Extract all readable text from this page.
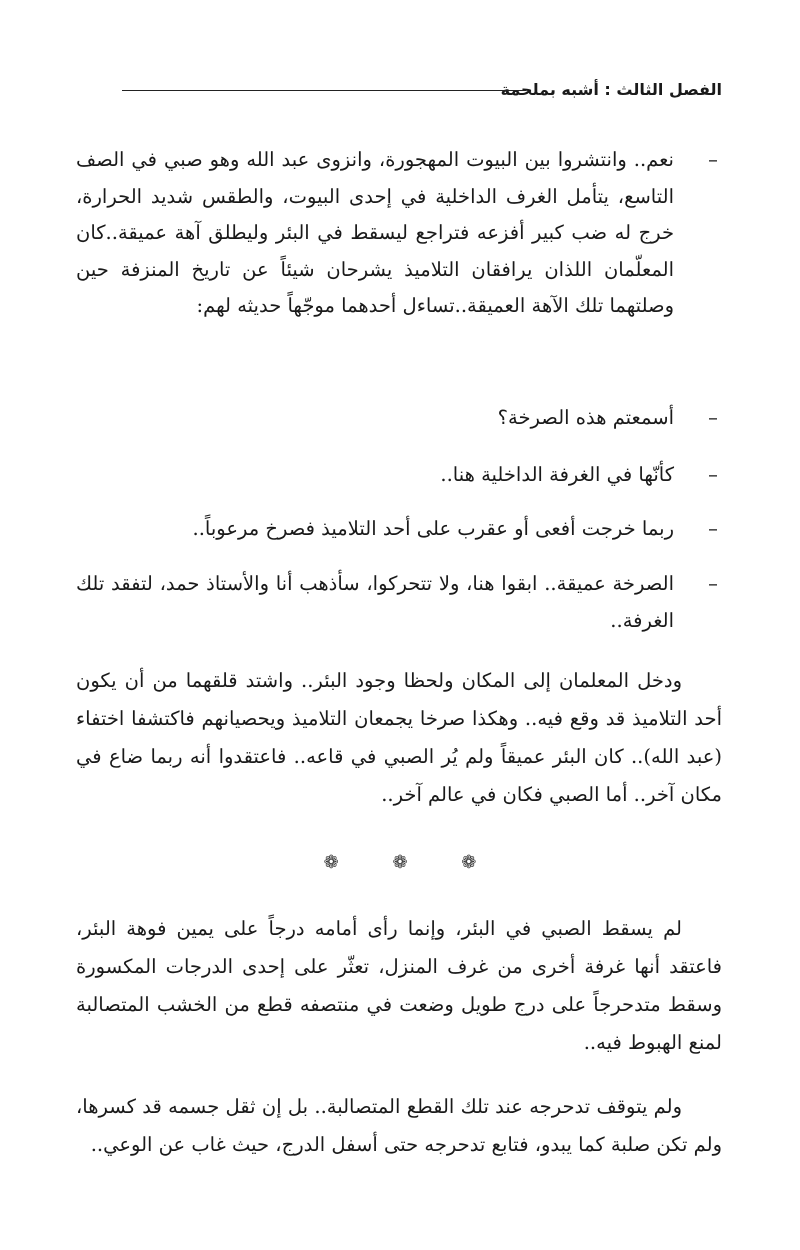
الفصل الثالث : أشبه بملحمة
–
نعم.. وانتشروا بين البيوت المهجورة، وانزوى عبد الله وهو صبي في الصف التاسع، يتأمل الغرف الداخلية في إحدى البيوت، والطقس شديد الحرارة، خرج له ضب كبير أفزعه فتراجع ليسقط في البئر وليطلق آهة عميقة..كان المعلّمان اللذان يرافقان التلاميذ يشرحان شيئاً عن تاريخ المنزفة حين وصلتهما تلك الآهة العميقة..تساءل أحدهما موجّهاً حديثه لهم:
–
أسمعتم هذه الصرخة؟
–
كأنّها في الغرفة الداخلية هنا..
–
ربما خرجت أفعى أو عقرب على أحد التلاميذ فصرخ مرعوباً..
–
الصرخة عميقة.. ابقوا هنا، ولا تتحركوا، سأذهب أنا والأستاذ حمد، لتفقد تلك الغرفة..
ودخل المعلمان إلى المكان ولحظا وجود البئر.. واشتد قلقهما من أن يكون أحد التلاميذ قد وقع فيه.. وهكذا صرخا يجمعان التلاميذ ويحصيانهم فاكتشفا اختفاء (عبد الله).. كان البئر عميقاً ولم يُر الصبي في قاعه.. فاعتقدوا أنه ربما ضاع في مكان آخر.. أما الصبي فكان في عالم آخر..
❁ ❁ ❁
لم يسقط الصبي في البئر، وإنما رأى أمامه درجاً على يمين فوهة البئر، فاعتقد أنها غرفة أخرى من غرف المنزل، تعثّر على إحدى الدرجات المكسورة وسقط متدحرجاً على درج طويل وضعت في منتصفه قطع من الخشب المتصالبة لمنع الهبوط فيه..
ولم يتوقف تدحرجه عند تلك القطع المتصالبة.. بل إن ثقل جسمه قد كسرها، ولم تكن صلبة كما يبدو، فتابع تدحرجه حتى أسفل الدرج، حيث غاب عن الوعي..
